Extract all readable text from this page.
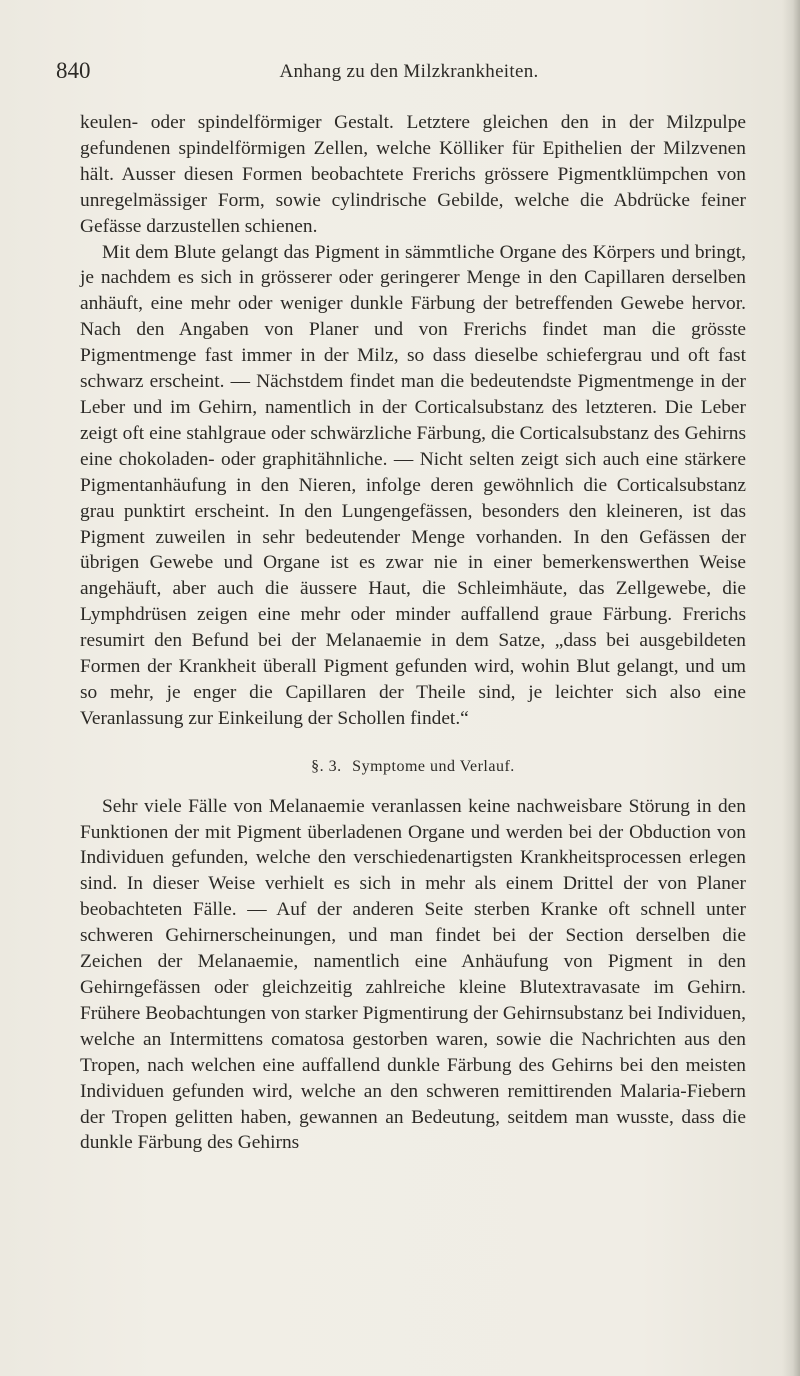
840	Anhang zu den Milzkrankheiten.

keulen- oder spindelförmiger Gestalt. Letztere gleichen den in der Milzpulpe gefundenen spindelförmigen Zellen, welche Kölliker für Epithelien der Milzvenen hält. Ausser diesen Formen beobachtete Frerichs grössere Pigmentklümpchen von unregelmässiger Form, sowie cylindrische Gebilde, welche die Abdrücke feiner Gefässe darzustellen schienen.

Mit dem Blute gelangt das Pigment in sämmtliche Organe des Körpers und bringt, je nachdem es sich in grösserer oder geringerer Menge in den Capillaren derselben anhäuft, eine mehr oder weniger dunkle Färbung der betreffenden Gewebe hervor. Nach den Angaben von Planer und von Frerichs findet man die grösste Pigmentmenge fast immer in der Milz, so dass dieselbe schiefergrau und oft fast schwarz erscheint. — Nächstdem findet man die bedeutendste Pigmentmenge in der Leber und im Gehirn, namentlich in der Corticalsubstanz des letzteren. Die Leber zeigt oft eine stahlgraue oder schwärzliche Färbung, die Corticalsubstanz des Gehirns eine chokoladen- oder graphitähnliche. — Nicht selten zeigt sich auch eine stärkere Pigmentanhäufung in den Nieren, infolge deren gewöhnlich die Corticalsubstanz grau punktirt erscheint. In den Lungengefässen, besonders den kleineren, ist das Pigment zuweilen in sehr bedeutender Menge vorhanden. In den Gefässen der übrigen Gewebe und Organe ist es zwar nie in einer bemerkenswerthen Weise angehäuft, aber auch die äussere Haut, die Schleimhäute, das Zellgewebe, die Lymphdrüsen zeigen eine mehr oder minder auffallend graue Färbung. Frerichs resumirt den Befund bei der Melanaemie in dem Satze, „dass bei ausgebildeten Formen der Krankheit überall Pigment gefunden wird, wohin Blut gelangt, und um so mehr, je enger die Capillaren der Theile sind, je leichter sich also eine Veranlassung zur Einkeilung der Schollen findet.“

§. 3. Symptome und Verlauf.

Sehr viele Fälle von Melanaemie veranlassen keine nachweisbare Störung in den Funktionen der mit Pigment überladenen Organe und werden bei der Obduction von Individuen gefunden, welche den verschiedenartigsten Krankheitsprocessen erlegen sind. In dieser Weise verhielt es sich in mehr als einem Drittel der von Planer beobachteten Fälle. — Auf der anderen Seite sterben Kranke oft schnell unter schweren Gehirnerscheinungen, und man findet bei der Section derselben die Zeichen der Melanaemie, namentlich eine Anhäufung von Pigment in den Gehirngefässen oder gleichzeitig zahlreiche kleine Blutextravasate im Gehirn. Frühere Beobachtungen von starker Pigmentirung der Gehirnsubstanz bei Individuen, welche an Intermittens comatosa gestorben waren, sowie die Nachrichten aus den Tropen, nach welchen eine auffallend dunkle Färbung des Gehirns bei den meisten Individuen gefunden wird, welche an den schweren remittirenden Malaria-Fiebern der Tropen gelitten haben, gewannen an Bedeutung, seitdem man wusste, dass die dunkle Färbung des Gehirns
